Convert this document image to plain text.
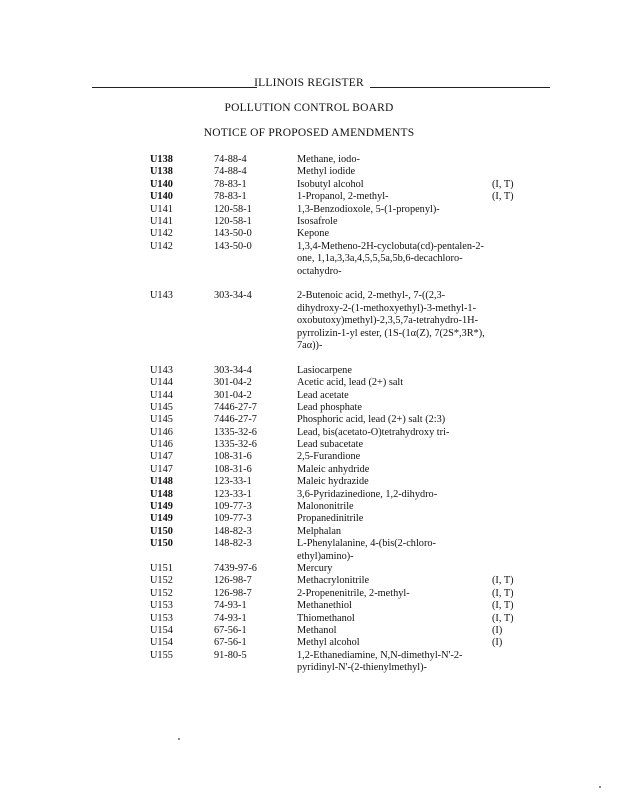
ILLINOIS REGISTER
POLLUTION CONTROL BOARD
NOTICE OF PROPOSED AMENDMENTS
U138	74-88-4	Methane, iodo-
U138	74-88-4	Methyl iodide
U140	78-83-1	Isobutyl alcohol	(I, T)
U140	78-83-1	1-Propanol, 2-methyl-	(I, T)
U141	120-58-1	1,3-Benzodioxole, 5-(1-propenyl)-
U141	120-58-1	Isosafrole
U142	143-50-0	Kepone
U142	143-50-0	1,3,4-Metheno-2H-cyclobuta(cd)-pentalen-2-one, 1,1a,3,3a,4,5,5,5a,5b,6-decachloro-octahydro-
U143	303-34-4	2-Butenoic acid, 2-methyl-, 7-((2,3-dihydroxy-2-(1-methoxyethyl)-3-methyl-1-oxobutoxy)methyl)-2,3,5,7a-tetrahydro-1H-pyrrolizin-1-yl ester, (1S-(1α(Z), 7(2S*,3R*), 7aα))-
U143	303-34-4	Lasiocarpene
U144	301-04-2	Acetic acid, lead (2+) salt
U144	301-04-2	Lead acetate
U145	7446-27-7	Lead phosphate
U145	7446-27-7	Phosphoric acid, lead (2+) salt (2:3)
U146	1335-32-6	Lead, bis(acetato-O)tetrahydroxy tri-
U146	1335-32-6	Lead subacetate
U147	108-31-6	2,5-Furandione
U147	108-31-6	Maleic anhydride
U148	123-33-1	Maleic hydrazide
U148	123-33-1	3,6-Pyridazinedione, 1,2-dihydro-
U149	109-77-3	Malononitrile
U149	109-77-3	Propanedinitrile
U150	148-82-3	Melphalan
U150	148-82-3	L-Phenylalanine, 4-(bis(2-chloro-ethyl)amino)-
U151	7439-97-6	Mercury
U152	126-98-7	Methacrylonitrile	(I, T)
U152	126-98-7	2-Propenenitrile, 2-methyl-	(I, T)
U153	74-93-1	Methanethiol	(I, T)
U153	74-93-1	Thiomethanol	(I, T)
U154	67-56-1	Methanol	(I)
U154	67-56-1	Methyl alcohol	(I)
U155	91-80-5	1,2-Ethanediamine, N,N-dimethyl-N'-2-pyridinyl-N'-(2-thienylmethyl)-
